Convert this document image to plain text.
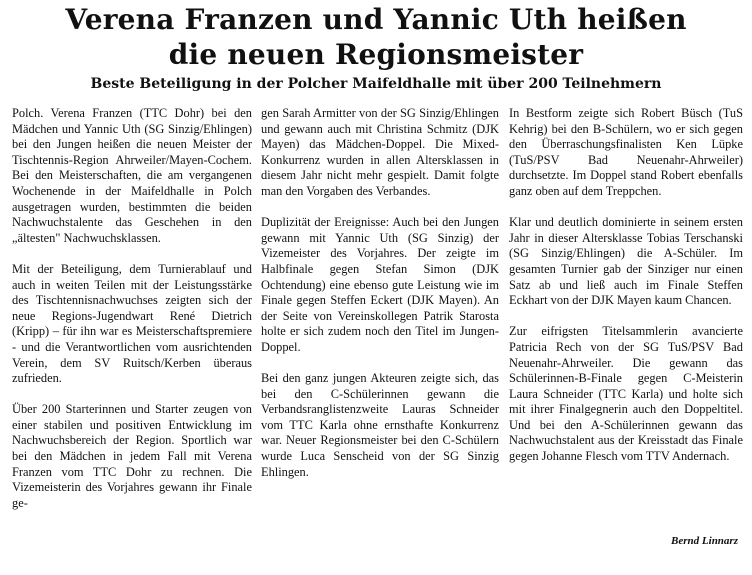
Verena Franzen und Yannic Uth heißen
die neuen Regionsmeister
Beste Beteiligung in der Polcher Maifeldhalle mit über 200 Teilnehmern

Polch. Verena Franzen (TTC Dohr) bei den Mädchen und Yannic Uth (SG Sinzig/Ehlingen) bei den Jungen heißen die neuen Meister der Tischtennis-Region Ahrweiler/Mayen-Cochem. Bei den Meisterschaften, die am vergangenen Wochenende in der Maifeldhalle in Polch ausgetragen wurden, bestimmten die beiden Nachwuchstalente das Geschehen in den „ältesten" Nachwuchsklassen.

Mit der Beteiligung, dem Turnierablauf und auch in weiten Teilen mit der Leistungsstärke des Tischtennisnachwuchses zeigten sich der neue Regions-Jugendwart René Dietrich (Kripp) – für ihn war es Meisterschaftspremiere - und die Verantwortlichen vom ausrichtenden Verein, dem SV Ruitsch/Kerben überaus zufrieden.

Über 200 Starterinnen und Starter zeugen von einer stabilen und positiven Entwicklung im Nachwuchsbereich der Region. Sportlich war bei den Mädchen in jedem Fall mit Verena Franzen vom TTC Dohr zu rechnen. Die Vizemeisterin des Vorjahres gewann ihr Finale ge-

gen Sarah Armitter von der SG Sinzig/Ehlingen und gewann auch mit Christina Schmitz (DJK Mayen) das Mädchen-Doppel. Die Mixed-Konkurrenz wurden in allen Altersklassen in diesem Jahr nicht mehr gespielt. Damit folgte man den Vorgaben des Verbandes.

Duplizität der Ereignisse: Auch bei den Jungen gewann mit Yannic Uth (SG Sinzig) der Vizemeister des Vorjahres. Der zeigte im Halbfinale gegen Stefan Simon (DJK Ochtendung) eine ebenso gute Leistung wie im Finale gegen Steffen Eckert (DJK Mayen). An der Seite von Vereinskollegen Patrik Starosta holte er sich zudem noch den Titel im Jungen-Doppel.

Bei den ganz jungen Akteuren zeigte sich, das bei den C-Schülerinnen gewann die Verbandsranglistenzweite Lauras Schneider vom TTC Karla ohne ernsthafte Konkurrenz war. Neuer Regionsmeister bei den C-Schülern wurde Luca Senscheid von der SG Sinzig Ehlingen.

In Bestform zeigte sich Robert Büsch (TuS Kehrig) bei den B-Schülern, wo er sich gegen den Überraschungsfinalisten Ken Lüpke (TuS/PSV Bad Neuenahr-Ahrweiler) durchsetzte. Im Doppel stand Robert ebenfalls ganz oben auf dem Treppchen.

Klar und deutlich dominierte in seinem ersten Jahr in dieser Altersklasse Tobias Terschanski (SG Sinzig/Ehlingen) die A-Schüler. Im gesamten Turnier gab der Sinziger nur einen Satz ab und ließ auch im Finale Steffen Eckhart von der DJK Mayen kaum Chancen.

Zur eifrigsten Titelsammlerin avancierte Patricia Rech von der SG TuS/PSV Bad Neuenahr-Ahrweiler. Die gewann das Schülerinnen-B-Finale gegen C-Meisterin Laura Schneider (TTC Karla) und holte sich mit ihrer Finalgegnerin auch den Doppeltitel. Und bei den A-Schülerinnen gewann das Nachwuchstalent aus der Kreisstadt das Finale gegen Johanne Flesch vom TTV Andernach.

Bernd Linnarz
